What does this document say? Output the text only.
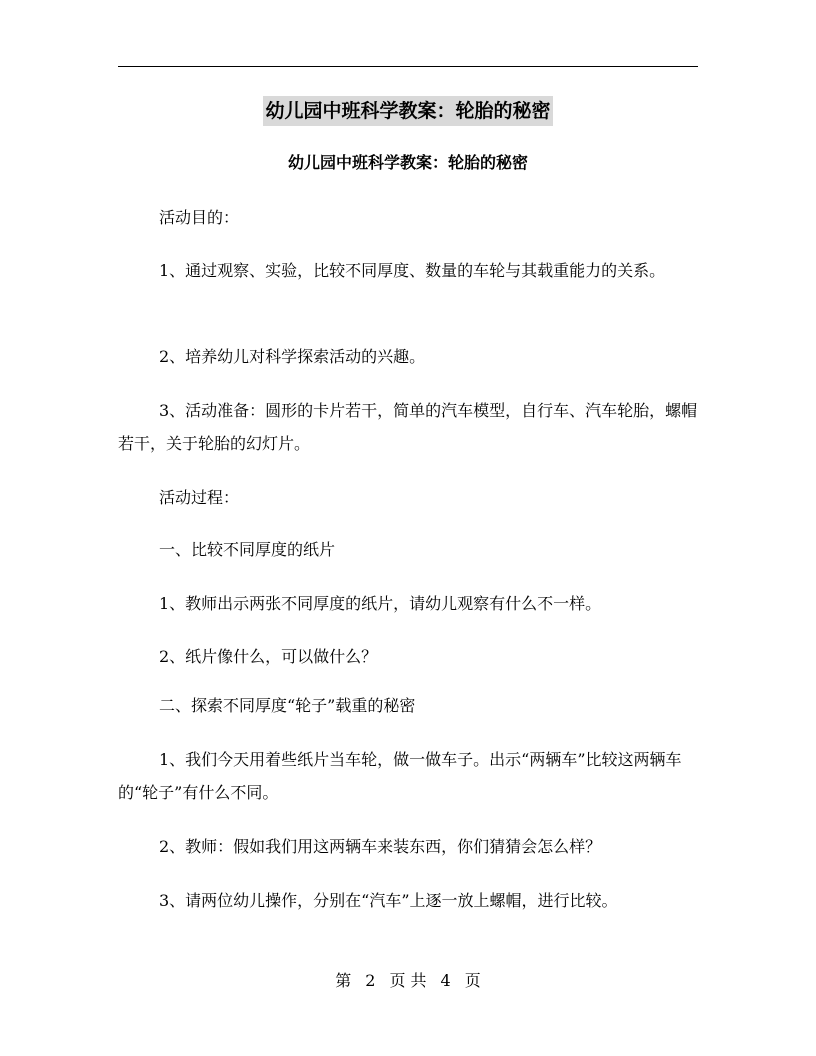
幼儿园中班科学教案：轮胎的秘密
幼儿园中班科学教案：轮胎的秘密

活动目的：

1、通过观察、实验，比较不同厚度、数量的车轮与其载重能力的关系。

2、培养幼儿对科学探索活动的兴趣。

3、活动准备：圆形的卡片若干，简单的汽车模型，自行车、汽车轮胎，螺帽若干，关于轮胎的幻灯片。

活动过程：

一、比较不同厚度的纸片

1、教师出示两张不同厚度的纸片，请幼儿观察有什么不一样。

2、纸片像什么，可以做什么？

二、探索不同厚度“轮子”载重的秘密

1、我们今天用着些纸片当车轮，做一做车子。出示“两辆车”比较这两辆车的“轮子”有什么不同。

2、教师：假如我们用这两辆车来装东西，你们猜猜会怎么样？

3、请两位幼儿操作，分别在“汽车”上逐一放上螺帽，进行比较。

第 2 页 共 4 页
